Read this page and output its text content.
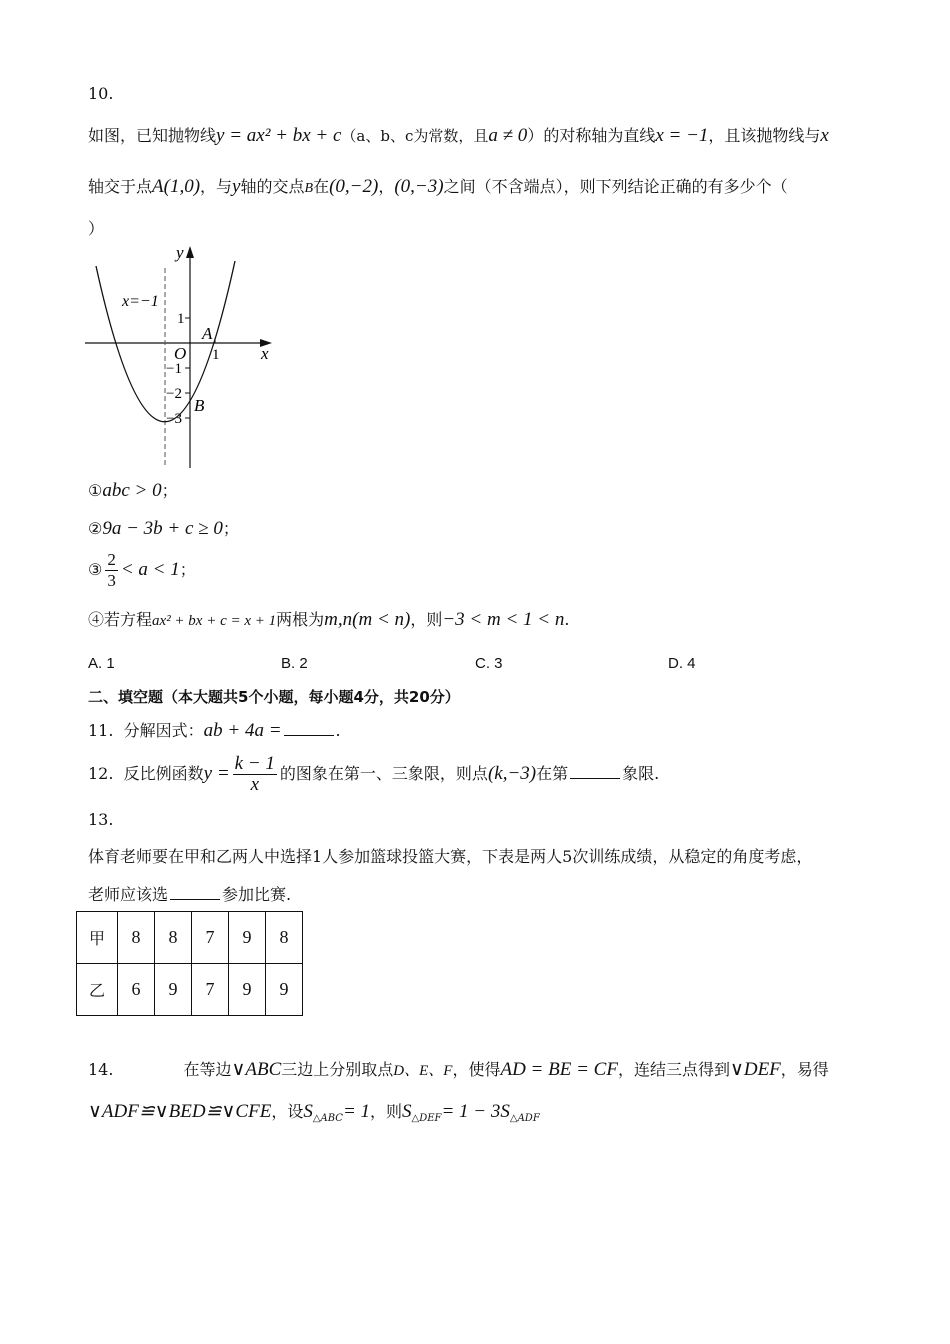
10.
如图，已知抛物线y = ax² + bx + c（a、b、c为常数，且a ≠ 0）的对称轴为直线x = −1，且该抛物线与x
轴交于点A(1,0)，与y轴的交点B在(0,−2)，(0,−3)之间（不含端点），则下列结论正确的有多少个（
）
y
x
O
A
B
x=−1
1
1
−1
−2
−3
①abc > 0；
②9a − 3b + c ≥ 0；
③ $\frac{2}{3} < a < 1$；
④若方程ax² + bx + c = x + 1两根为m,n(m < n)，则−3 < m < 1 < n.
A. 1	B. 2	C. 3	D. 4
二、填空题（本大题共5个小题，每小题4分，共20分）
11. 分解因式：ab + 4a =	.
12. 反比例函数$y = \frac{k - 1}{x}$ 的图象在第一、三象限，则点(k,−3)在第	象限.
13.
体育老师要在甲和乙两人中选择1人参加篮球投篮大赛，下表是两人5次训练成绩，从稳定的角度考虑，
老师应该选	参加比赛.
甲	8	8	7	9	8
乙	6	9	7	9	9
14.	在等边∨ABC三边上分别取点D、E、F，使得AD = BE = CF，连结三点得到∨DEF，易得
∨ADF≌∨BED≌∨CFE，设$S_{\triangle ABC}= 1$，则$S_{\triangle DEF}= 1 - 3S_{\triangle ADF}$
